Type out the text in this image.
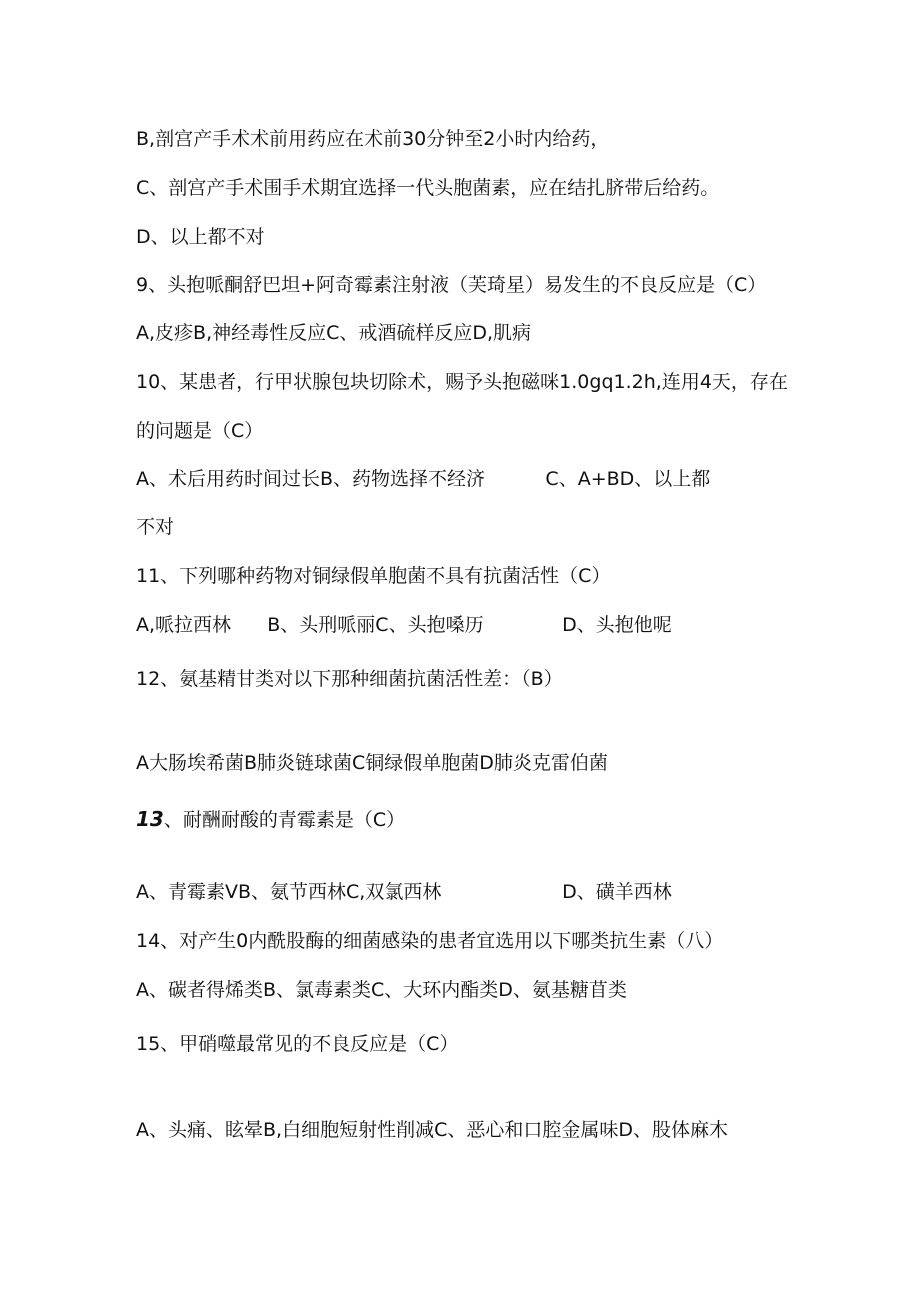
B,剖宫产手术术前用药应在术前30分钟至2小时内给药，
C、剖宫产手术围手术期宜选择一代头胞菌素，应在结扎脐带后给药。
D、以上都不对
9、头抱哌酮舒巴坦+阿奇霉素注射液（芙琦星）易发生的不良反应是（C）
A,皮疹B,神经毒性反应C、戒酒硫样反应D,肌病
10、某患者，行甲状腺包块切除术，赐予头抱磁咪1.0gq1.2h,连用4天，存在
的问题是（C）
A、术后用药时间过长B、药物选择不经济          C、A+BD、以上都
不对
11、下列哪种药物对铜绿假单胞菌不具有抗菌活性（C）
A,哌拉西林      B、头刑哌丽C、头抱嗓历             D、头抱他呢
12、氨基精甘类对以下那种细菌抗菌活性差：（B）
A大肠埃希菌B肺炎链球菌C铜绿假单胞菌D肺炎克雷伯菌
13、耐酬耐酸的青霉素是（C）
A、青霉素VB、氨节西林C,双氯西林                    D、磺羊西林
14、对产生0内酰股酶的细菌感染的患者宜选用以下哪类抗生素（八）
A、碳者得烯类B、氯毒素类C、大环内酯类D、氨基糖苜类
15、甲硝噬最常见的不良反应是（C）
A、头痛、眩晕B,白细胞短射性削减C、恶心和口腔金属味D、股体麻木
